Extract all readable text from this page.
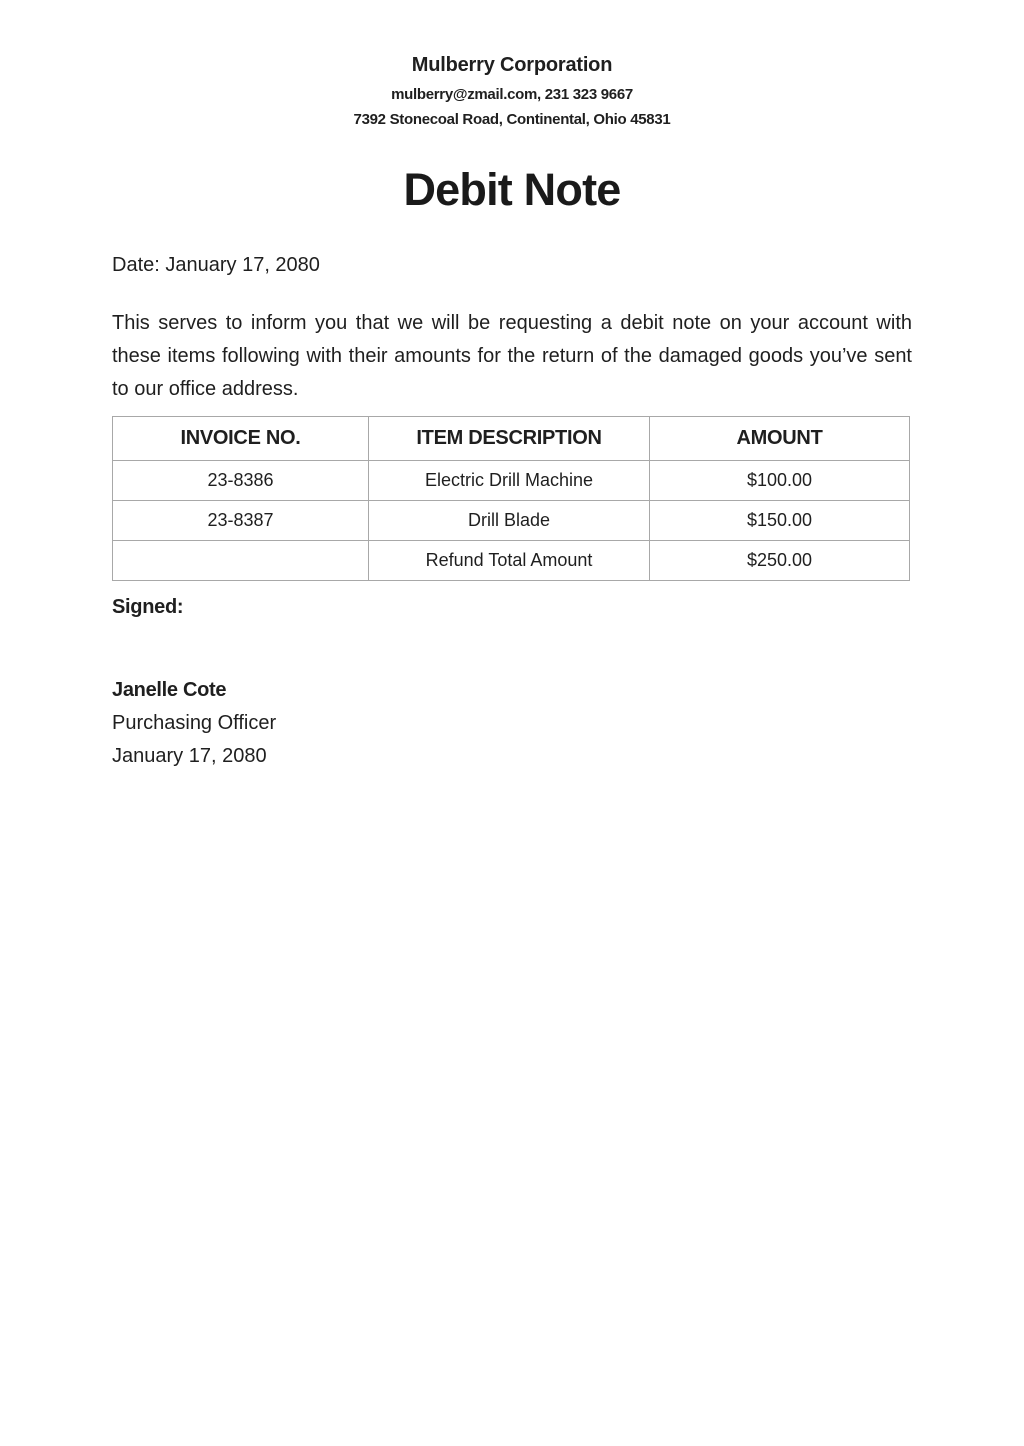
Mulberry Corporation
mulberry@zmail.com, 231 323 9667
7392 Stonecoal Road, Continental, Ohio 45831
Debit Note
Date: January 17, 2080
This serves to inform you that we will be requesting a debit note on your account with these items following with their amounts for the return of the damaged goods you’ve sent to our office address.
INVOICE NO.	ITEM DESCRIPTION	AMOUNT
23-8386	Electric Drill Machine	$100.00
23-8387	Drill Blade	$150.00
	Refund Total Amount	$250.00
Signed:
Janelle Cote
Purchasing Officer
January 17, 2080
